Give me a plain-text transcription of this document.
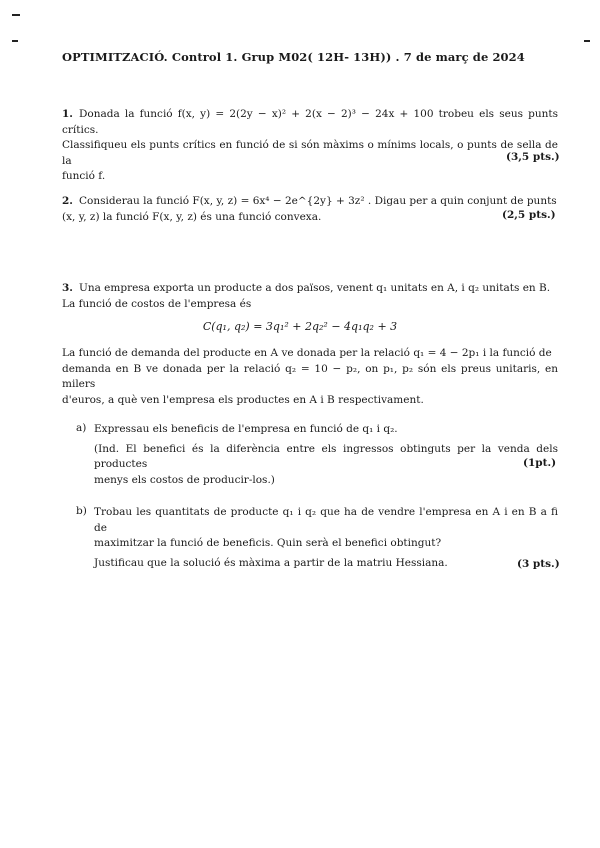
OPTIMITZACIÓ. Control 1. Grup M02( 12H- 13H)) . 7 de març de 2024
1. Donada la funció f(x, y) = 2(2y − x)² + 2(x − 2)³ − 24x + 100 trobeu els seus punts crítics.
Classifiqueu els punts crítics en funció de si són màxims o mínims locals, o punts de sella de la
funció f.
(3,5 pts.)
2. Considerau la funció F(x, y, z) = 6x⁴ − 2e^{2y} + 3z² . Digau per a quin conjunt de punts
(x, y, z) la funció F(x, y, z) és una funció convexa.	(2,5 pts.)
3. Una empresa exporta un producte a dos països, venent q₁ unitats en A, i q₂ unitats en B.
La funció de costos de l'empresa és
C(q₁, q₂) = 3q₁² + 2q₂² − 4q₁q₂ + 3
La funció de demanda del producte en A ve donada per la relació q₁ = 4 − 2p₁ i la funció de
demanda en B ve donada per la relació q₂ = 10 − p₂, on p₁, p₂ són els preus unitaris, en milers
d'euros, a què ven l'empresa els productes en A i B respectivament.
a) Expressau els beneficis de l'empresa en funció de q₁ i q₂.
(Ind. El benefici és la diferència entre els ingressos obtinguts per la venda dels productes
menys els costos de producir-los.)
(1pt.)
b) Trobau les quantitats de producte q₁ i q₂ que ha de vendre l'empresa en A i en B a fi de
maximitzar la funció de beneficis. Quin serà el benefici obtingut?
Justificau que la solució és màxima a partir de la matriu Hessiana.	(3 pts.)
